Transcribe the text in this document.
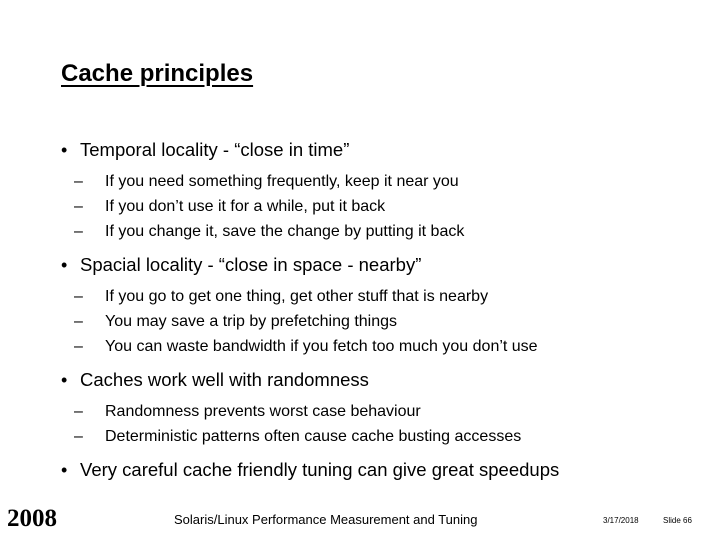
Cache principles
• Temporal locality - “close in time”
– If you need something frequently, keep it near you
– If you don’t use it for a while, put it back
– If you change it, save the change by putting it back
• Spacial locality - “close in space - nearby”
– If you go to get one thing, get other stuff that is nearby
– You may save a trip by prefetching things
– You can waste bandwidth if you fetch too much you don’t use
• Caches work well with randomness
– Randomness prevents worst case behaviour
– Deterministic patterns often cause cache busting accesses
• Very careful cache friendly tuning can give great speedups
2008	Solaris/Linux Performance Measurement and Tuning	3/17/2018	Slide 66
